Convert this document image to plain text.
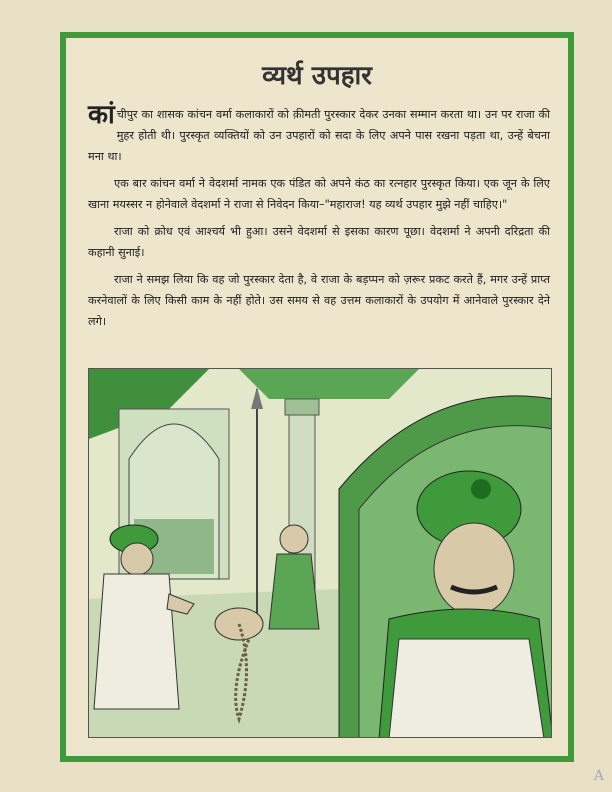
व्यर्थ उपहार

कांचीपुर का शासक कांचन वर्मा कलाकारों को क़ीमती पुरस्कार देकर उनका सम्मान करता था। उन पर राजा की मुहर होती थी। पुरस्कृत व्यक्तियों को उन उपहारों को सदा के लिए अपने पास रखना पड़ता था, उन्हें बेचना मना था।

एक बार कांचन वर्मा ने वेदशर्मा नामक एक पंडित को अपने कंठ का रत्नहार पुरस्कृत किया। एक जून के लिए खाना मयस्सर न होनेवाले वेदशर्मा ने राजा से निवेदन किया–"महाराज! यह व्यर्थ उपहार मुझे नहीं चाहिए।"

राजा को क्रोध एवं आश्चर्य भी हुआ। उसने वेदशर्मा से इसका कारण पूछा। वेदशर्मा ने अपनी दरिद्रता की कहानी सुनाई।

राजा ने समझ लिया कि वह जो पुरस्कार देता है, वे राजा के बड़प्पन को ज़रूर प्रकट करते हैं, मगर उन्हें प्राप्त करनेवालों के लिए किसी काम के नहीं होते। उस समय से वह उत्तम कलाकारों के उपयोग में आनेवाले पुरस्कार देने लगे।

A
